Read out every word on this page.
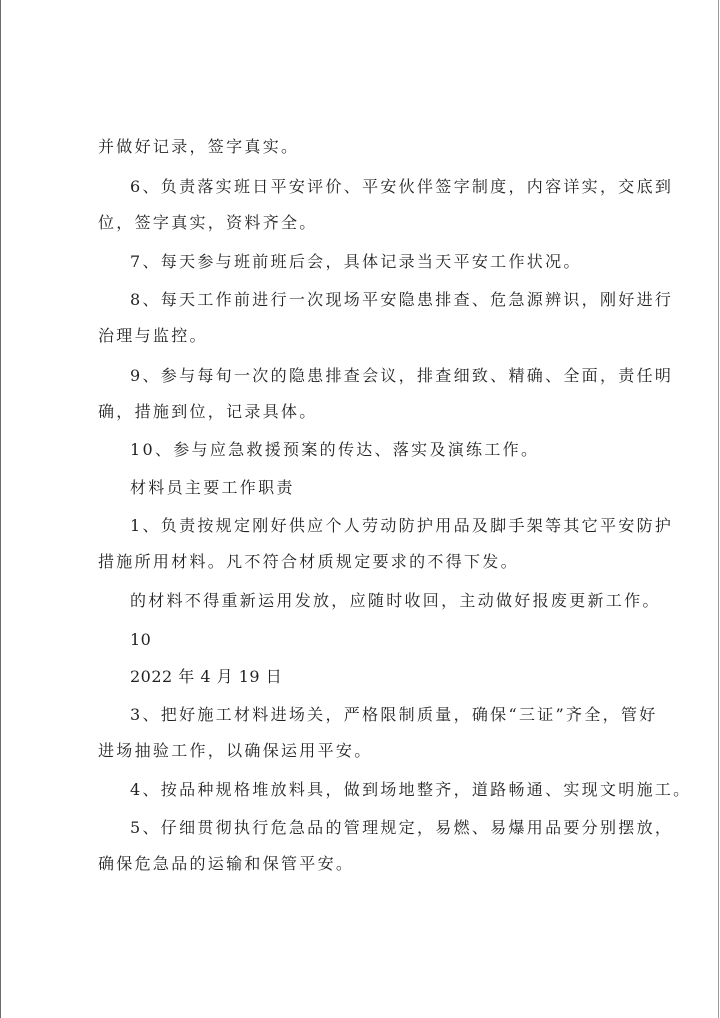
并做好记录，签字真实。
6、负责落实班日平安评价、平安伙伴签字制度，内容详实，交底到
位，签字真实，资料齐全。
7、每天参与班前班后会，具体记录当天平安工作状况。
8、每天工作前进行一次现场平安隐患排查、危急源辨识，刚好进行
治理与监控。
9、参与每旬一次的隐患排查会议，排查细致、精确、全面，责任明
确，措施到位，记录具体。
10、参与应急救援预案的传达、落实及演练工作。
材料员主要工作职责
1、负责按规定刚好供应个人劳动防护用品及脚手架等其它平安防护
措施所用材料。凡不符合材质规定要求的不得下发。
的材料不得重新运用发放，应随时收回，主动做好报废更新工作。
10
2022 年 4 月 19 日
3、把好施工材料进场关，严格限制质量，确保“三证”齐全，管好
进场抽验工作，以确保运用平安。
4、按品种规格堆放料具，做到场地整齐，道路畅通、实现文明施工。
5、仔细贯彻执行危急品的管理规定，易燃、易爆用品要分别摆放，
确保危急品的运输和保管平安。
